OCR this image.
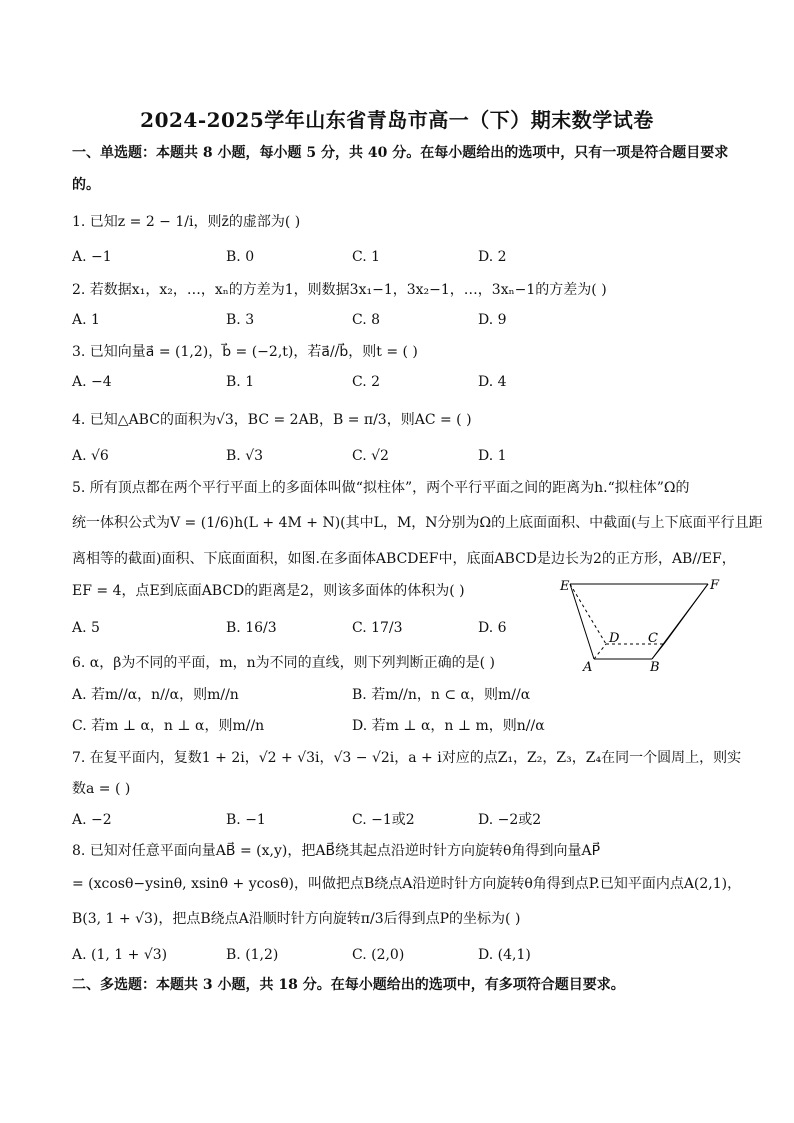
2024-2025学年山东省青岛市高一（下）期末数学试卷
一、单选题：本题共 8 小题，每小题 5 分，共 40 分。在每小题给出的选项中，只有一项是符合题目要求
的。
1. 已知z = 2 − 1/i，则z̄的虚部为( )
A. −1	B. 0	C. 1	D. 2
2. 若数据x₁，x₂，…，xₙ的方差为1，则数据3x₁−1，3x₂−1，…，3xₙ−1的方差为( )
A. 1	B. 3	C. 8	D. 9
3. 已知向量a⃗ = (1,2)，b⃗ = (−2,t)，若a⃗//b⃗，则t = ( )
A. −4	B. 1	C. 2	D. 4
4. 已知△ABC的面积为√3，BC = 2AB，B = π/3，则AC = ( )
A. √6	B. √3	C. √2	D. 1
5. 所有顶点都在两个平行平面上的多面体叫做“拟柱体”，两个平行平面之间的距离为h.“拟柱体”Ω的
统一体积公式为V = (1/6)h(L + 4M + N)(其中L，M，N分别为Ω的上底面面积、中截面(与上下底面平行且距
离相等的截面)面积、下底面面积，如图.在多面体ABCDEF中，底面ABCD是边长为2的正方形，AB//EF，
EF = 4，点E到底面ABCD的距离是2，则该多面体的体积为( )
A. 5	B. 16/3	C. 17/3	D. 6
E	F
D C
A	B
6. α，β为不同的平面，m，n为不同的直线，则下列判断正确的是( )
A. 若m//α，n//α，则m//n	B. 若m//n，n ⊂ α，则m//α
C. 若m ⊥ α，n ⊥ α，则m//n	D. 若m ⊥ α，n ⊥ m，则n//α
7. 在复平面内，复数1 + 2i，√2 + √3i，√3 − √2i，a + i对应的点Z₁，Z₂，Z₃，Z₄在同一个圆周上，则实
数a = ( )
A. −2	B. −1	C. −1或2	D. −2或2
8. 已知对任意平面向量AB⃗ = (x,y)，把AB⃗绕其起点沿逆时针方向旋转θ角得到向量AP⃗
= (xcosθ−ysinθ, xsinθ + ycosθ)，叫做把点B绕点A沿逆时针方向旋转θ角得到点P.已知平面内点A(2,1)，
B(3, 1 + √3)，把点B绕点A沿顺时针方向旋转π/3后得到点P的坐标为( )
A. (1, 1 + √3)	B. (1,2)	C. (2,0)	D. (4,1)
二、多选题：本题共 3 小题，共 18 分。在每小题给出的选项中，有多项符合题目要求。
